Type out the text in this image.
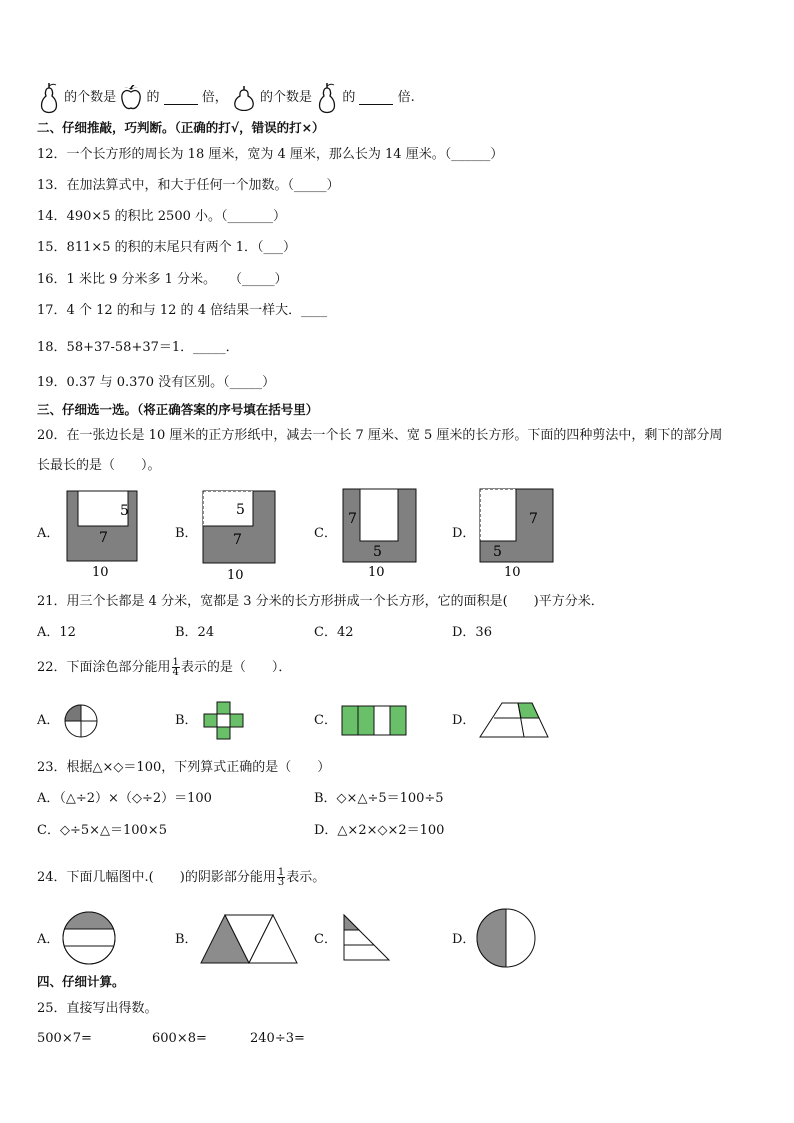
的个数是 的	倍， 的个数是 的	倍.
二、仔细推敲，巧判断。（正确的打√，错误的打×）
12．一个长方形的周长为 18 厘米，宽为 4 厘米，那么长为 14 厘米。（______）
13．在加法算式中，和大于任何一个加数。（_____）
14．490×5 的积比 2500 小。（_______）
15．811×5 的积的末尾只有两个 1．（___）
16．1 米比 9 分米多 1 分米。　　（_____）
17．4 个 12 的和与 12 的 4 倍结果一样大．____
18．58+37-58+37＝1．_____．
19．0.37 与 0.370 没有区别。（_____）
三、仔细选一选。（将正确答案的序号填在括号里）
20．在一张边长是 10 厘米的正方形纸中，减去一个长 7 厘米、宽 5 厘米的长方形。下面的四种剪法中，剩下的部分周
长最长的是（　　）。
A．
5
7
10
B．
5
7
10
C．
7
5
10
D．
7
5
10
21．用三个长都是 4 分米，宽都是 3 分米的长方形拼成一个长方形，它的面积是(　　)平方分米．
A．12	B．24	C．42	D．36
22．下面涂色部分能用 $\frac{1}{4}$ 表示的是（　　）．
A．	B．	C．	D．
23．根据△×◇＝100，下列算式正确的是（　　）
A．（△÷2）×（◇÷2）＝100	B．◇×△÷5＝100÷5
C．◇÷5×△＝100×5	D．△×2×◇×2＝100
24．下面几幅图中.(　　)的阴影部分能用 $\frac{1}{3}$ 表示。
A．	B．	C．	D．
四、仔细计算。
25．直接写出得数。
500×7=	600×8=	240÷3=
